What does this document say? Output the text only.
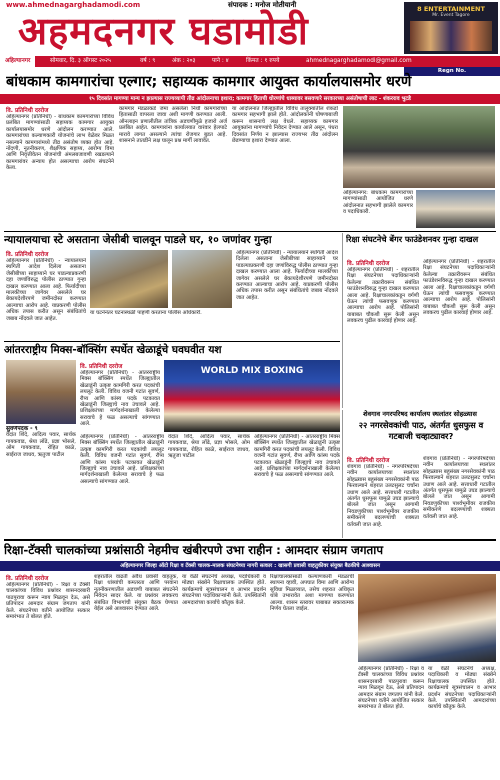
www.ahmednagarghadamodi.com	संपादक : मनोज मोतीयानी
अहमदनगर घडामोडी	8 ENTERTAINMENT
Mr. Event Tagore
अहिल्यानगर	सोमवार, दि. ३ ऑगस्ट २०२५	वर्ष : ९	अंक : २०३	पाने : ४	किंमत : १ रुपये	ahmednagarghadamodi@gmail.com
Regn No. MAHMAR/2017/75309
बांधकाम कामगारांचा एल्गार; सहाय्यक कामगार आयुक्त कार्यालयासमोर धरणे
१५ दिवसांत मागण्या मान्य न झाल्यास राज्यव्यापी तीव्र आंदोलनाचा इशारा; कामगार हिताची धोरणांचे धाब्यावर बसवणारे सरकारच्या असंतोषाची लाट - शंकरराव भुटडे
वि. प्रतिनिधी दररोज
अहिल्यानगर (प्रतिनिधी) - बांधकाम कामगारांच्या विविध प्रलंबित मागण्यांसाठी सहाय्यक कामगार आयुक्त कार्यालयासमोर धरणे आंदोलन करण्यात आले. कामगारांच्या कल्याणकारी योजनांचे लाभ वेळेवर मिळत नसल्याने कामगारांमध्ये तीव्र असंतोष व्यक्त होत आहे. नोंदणी, नूतनीकरण, शैक्षणिक सहाय्य, आरोग्य विमा आणि निवृत्तीवेतन योजनांची अंमलबजावणी रखडल्याने कामगारांवर अन्याय होत असल्याचा आरोप संघटनेने केला.
कामगार मंडळाकडे जमा असलेला निधी कामगारांच्या हितासाठी वापरला जावा अशी मागणी करण्यात आली. ऑनलाइन प्रणालीतील तांत्रिक अडचणींमुळे हजारो अर्ज प्रलंबित आहेत. कामगारांना कार्यालयात वारंवार हेलपाटे मारावे लागत असल्याने त्यांचा रोजगार बुडत आहे. शासनाने तातडीने लक्ष घालून प्रश्न मार्गी लावावेत.
या आंदोलनात जिल्ह्यातील विविध तालुक्यांतील शेकडो कामगार सहभागी झाले होते. आंदोलकांनी घोषणाबाजी करून शासनाचे लक्ष वेधले. सहाय्यक कामगार आयुक्तांना मागण्यांचे निवेदन देण्यात आले असून, पंधरा दिवसांत निर्णय न झाल्यास राज्यभर तीव्र आंदोलन छेडण्याचा इशारा देण्यात आला.
अहिल्यानगर: बांधकाम कामगारांच्या मागण्यांसाठी आयोजित धरणे आंदोलनात सहभागी झालेले कामगार व पदाधिकारी.
न्यायालयाचा स्टे असताना जेसीबी चालवून पाडले घर, १० जणांवर गुन्हा
वि. प्रतिनिधी दररोज
अहिल्यानगर (प्रतिनिधी) - न्यायालयाने स्थगिती आदेश दिलेला असताना जेसीबीच्या साहाय्याने घर पाडल्याप्रकरणी दहा जणांविरुद्ध पोलीस ठाण्यात गुन्हा दाखल करण्यात आला आहे. फिर्यादीच्या मालकीच्या जागेवर असलेले घर बेकायदेशीरपणे जमीनदोस्त करण्यात आल्याचा आरोप आहे. याप्रकरणी पोलीस अधिक तपास करीत असून संबंधितांचे जबाब नोंदवले जात आहेत.
या घटनेनंतर घटनास्थळी पाहणी करताना पोलीस अधिकारी.
अहिल्यानगर (प्रतिनिधी) - न्यायालयाने स्थगिती आदेश दिलेला असताना जेसीबीच्या साहाय्याने घर पाडल्याप्रकरणी दहा जणांविरुद्ध पोलीस ठाण्यात गुन्हा दाखल करण्यात आला आहे. फिर्यादीच्या मालकीच्या जागेवर असलेले घर बेकायदेशीरपणे जमीनदोस्त करण्यात आल्याचा आरोप आहे. याप्रकरणी पोलीस अधिक तपास करीत असून संबंधितांचे जबाब नोंदवले जात आहेत.
रिक्षा संघटनेचे बेंगर फाउंडेशनवर गुन्हा दाखल
वि. प्रतिनिधी दररोज
अहिल्यानगर (प्रतिनिधी) - शहरातील रिक्षा संघटनेच्या पदाधिकाऱ्यांनी केलेल्या तक्रारीवरून संबंधित फाउंडेशनविरुद्ध गुन्हा दाखल करण्यात आला आहे. रिक्षाचालकांकडून वर्गणी घेऊन त्यांची फसवणूक करण्यात आल्याचा आरोप आहे. पोलिसांनी याबाबत चौकशी सुरू केली असून लवकरच पुढील कारवाई होणार आहे.
अहिल्यानगर (प्रतिनिधी) - शहरातील रिक्षा संघटनेच्या पदाधिकाऱ्यांनी केलेल्या तक्रारीवरून संबंधित फाउंडेशनविरुद्ध गुन्हा दाखल करण्यात आला आहे. रिक्षाचालकांकडून वर्गणी घेऊन त्यांची फसवणूक करण्यात आल्याचा आरोप आहे. पोलिसांनी याबाबत चौकशी सुरू केली असून लवकरच पुढील कारवाई होणार आहे.
आंतरराष्ट्रीय मिक्स-बॉक्सिंग स्पर्धेत खेळाडूंचे घवघवीत यश
सुवर्णपदक - ९
वेदांत शिंदे, आदित्य पवार, सार्थक गायकवाड, श्रेया लोंढे, प्रज्ञा भोसले, ओम गायकवाड, रोहित काळे, साईराज जाधव, ऋतुजा पाटील
वि. प्रतिनिधी दररोज
अहिल्यानगर (प्रतिनिधी) - आंतरराष्ट्रीय मिक्स बॉक्सिंग स्पर्धेत जिल्ह्यातील खेळाडूंनी उत्कृष्ट कामगिरी करत पदकांची लयलूट केली. विविध वजनी गटांत सुवर्ण, रौप्य आणि कांस्य पदके पटकावत खेळाडूंनी जिल्ह्याचे नाव उंचावले आहे. प्रशिक्षकांच्या मार्गदर्शनाखाली केलेल्या सरावाचे हे फळ असल्याचे सांगण्यात आले.
WORLD MIX BOXING
अहिल्यानगर (प्रतिनिधी) - आंतरराष्ट्रीय मिक्स बॉक्सिंग स्पर्धेत जिल्ह्यातील खेळाडूंनी उत्कृष्ट कामगिरी करत पदकांची लयलूट केली. विविध वजनी गटांत सुवर्ण, रौप्य आणि कांस्य पदके पटकावत खेळाडूंनी जिल्ह्याचे नाव उंचावले आहे. प्रशिक्षकांच्या मार्गदर्शनाखाली केलेल्या सरावाचे हे फळ असल्याचे सांगण्यात आले.
वेदांत शिंदे, आदित्य पवार, सार्थक गायकवाड, श्रेया लोंढे, प्रज्ञा भोसले, ओम गायकवाड, रोहित काळे, साईराज जाधव, ऋतुजा पाटील
अहिल्यानगर (प्रतिनिधी) - आंतरराष्ट्रीय मिक्स बॉक्सिंग स्पर्धेत जिल्ह्यातील खेळाडूंनी उत्कृष्ट कामगिरी करत पदकांची लयलूट केली. विविध वजनी गटांत सुवर्ण, रौप्य आणि कांस्य पदके पटकावत खेळाडूंनी जिल्ह्याचे नाव उंचावले आहे. प्रशिक्षकांच्या मार्गदर्शनाखाली केलेल्या सरावाचे हे फळ असल्याचे सांगण्यात आले.
शेवगाव नगरपरिषद कार्यालय स्थलांतर सोहळ्यास
२२ नगरसेवकांची पाठ, अंतर्गत धुसफुस व गटबाजी चव्हाट्यावर?
वि. प्रतिनिधी दररोज
शेवगाव (प्रतिनिधी) - नगरपरिषदेच्या नवीन कार्यालयाच्या स्थलांतर सोहळ्यास बहुसंख्य नगरसेवकांनी पाठ फिरवल्याने शहरात उलटसुलट चर्चांना उधाण आले आहे. सत्ताधारी गटातील अंतर्गत धुसफूस यामुळे उघड झाल्याचे बोलले जात असून आगामी निवडणुकीच्या पार्श्वभूमीवर राजकीय समीकरणे बदलण्याची शक्यता वर्तवली जात आहे.
शेवगाव (प्रतिनिधी) - नगरपरिषदेच्या नवीन कार्यालयाच्या स्थलांतर सोहळ्यास बहुसंख्य नगरसेवकांनी पाठ फिरवल्याने शहरात उलटसुलट चर्चांना उधाण आले आहे. सत्ताधारी गटातील अंतर्गत धुसफूस यामुळे उघड झाल्याचे बोलले जात असून आगामी निवडणुकीच्या पार्श्वभूमीवर राजकीय समीकरणे बदलण्याची शक्यता वर्तवली जात आहे.
रिक्षा-टॅक्सी चालकांच्या प्रश्नांसाठी नेहमीच खंबीरपणे उभा राहीन : आमदार संग्राम जगताप
अहिल्यानगर जिल्हा ऑटो रिक्षा व टॅक्सी चालक-मालक संघटनेच्या नागरी सत्कार : खासगी प्रवासी वाहतुकीवर संयुक्त बैठकीचे आश्वासन
वि. प्रतिनिधी दररोज
अहिल्यानगर (प्रतिनिधी) - रिक्षा व टॅक्सी चालकांच्या विविध प्रश्नांवर शासनदरबारी पाठपुरावा करून न्याय मिळवून देऊ, असे प्रतिपादन आमदार संग्राम जगताप यांनी केले. संघटनेच्या वतीने आयोजित सत्कार समारंभात ते बोलत होते.
शहरातील वाढती अवैध प्रवासी वाहतूक, रिक्षा थांब्यांची कमतरता आणि परवाना नूतनीकरणातील अडचणी याबाबत संघटनेने निवेदन सादर केले. या प्रश्नांवर लवकरच संबंधित विभागांची संयुक्त बैठक घेण्यात येईल असे आश्वासन देण्यात आले.
या वेळी संघटनेचे अध्यक्ष, पदाधिकारी व मोठ्या संख्येने रिक्षाचालक उपस्थित होते. कार्यक्रमाचे सूत्रसंचालन व आभार प्रदर्शन संघटनेच्या पदाधिकाऱ्यांनी केले. उपस्थितांनी आमदारांच्या कार्याचे कौतुक केले.
रिक्षाचालकांसाठी कल्याणकारी मंडळाची स्थापना व्हावी, अपघात विमा आणि आरोग्य सुविधा मिळाव्यात, तसेच शहरात अधिकृत थांबे उभारावेत अशा मागण्या करण्यात आल्या. शासन स्तरावर याबाबत सकारात्मक निर्णय घेतला जाईल.
अहिल्यानगर (प्रतिनिधी) - रिक्षा व टॅक्सी चालकांच्या विविध प्रश्नांवर शासनदरबारी पाठपुरावा करून न्याय मिळवून देऊ, असे प्रतिपादन आमदार संग्राम जगताप यांनी केले. संघटनेच्या वतीने आयोजित सत्कार समारंभात ते बोलत होते.
या वेळी संघटनेचे अध्यक्ष, पदाधिकारी व मोठ्या संख्येने रिक्षाचालक उपस्थित होते. कार्यक्रमाचे सूत्रसंचालन व आभार प्रदर्शन संघटनेच्या पदाधिकाऱ्यांनी केले. उपस्थितांनी आमदारांच्या कार्याचे कौतुक केले.
